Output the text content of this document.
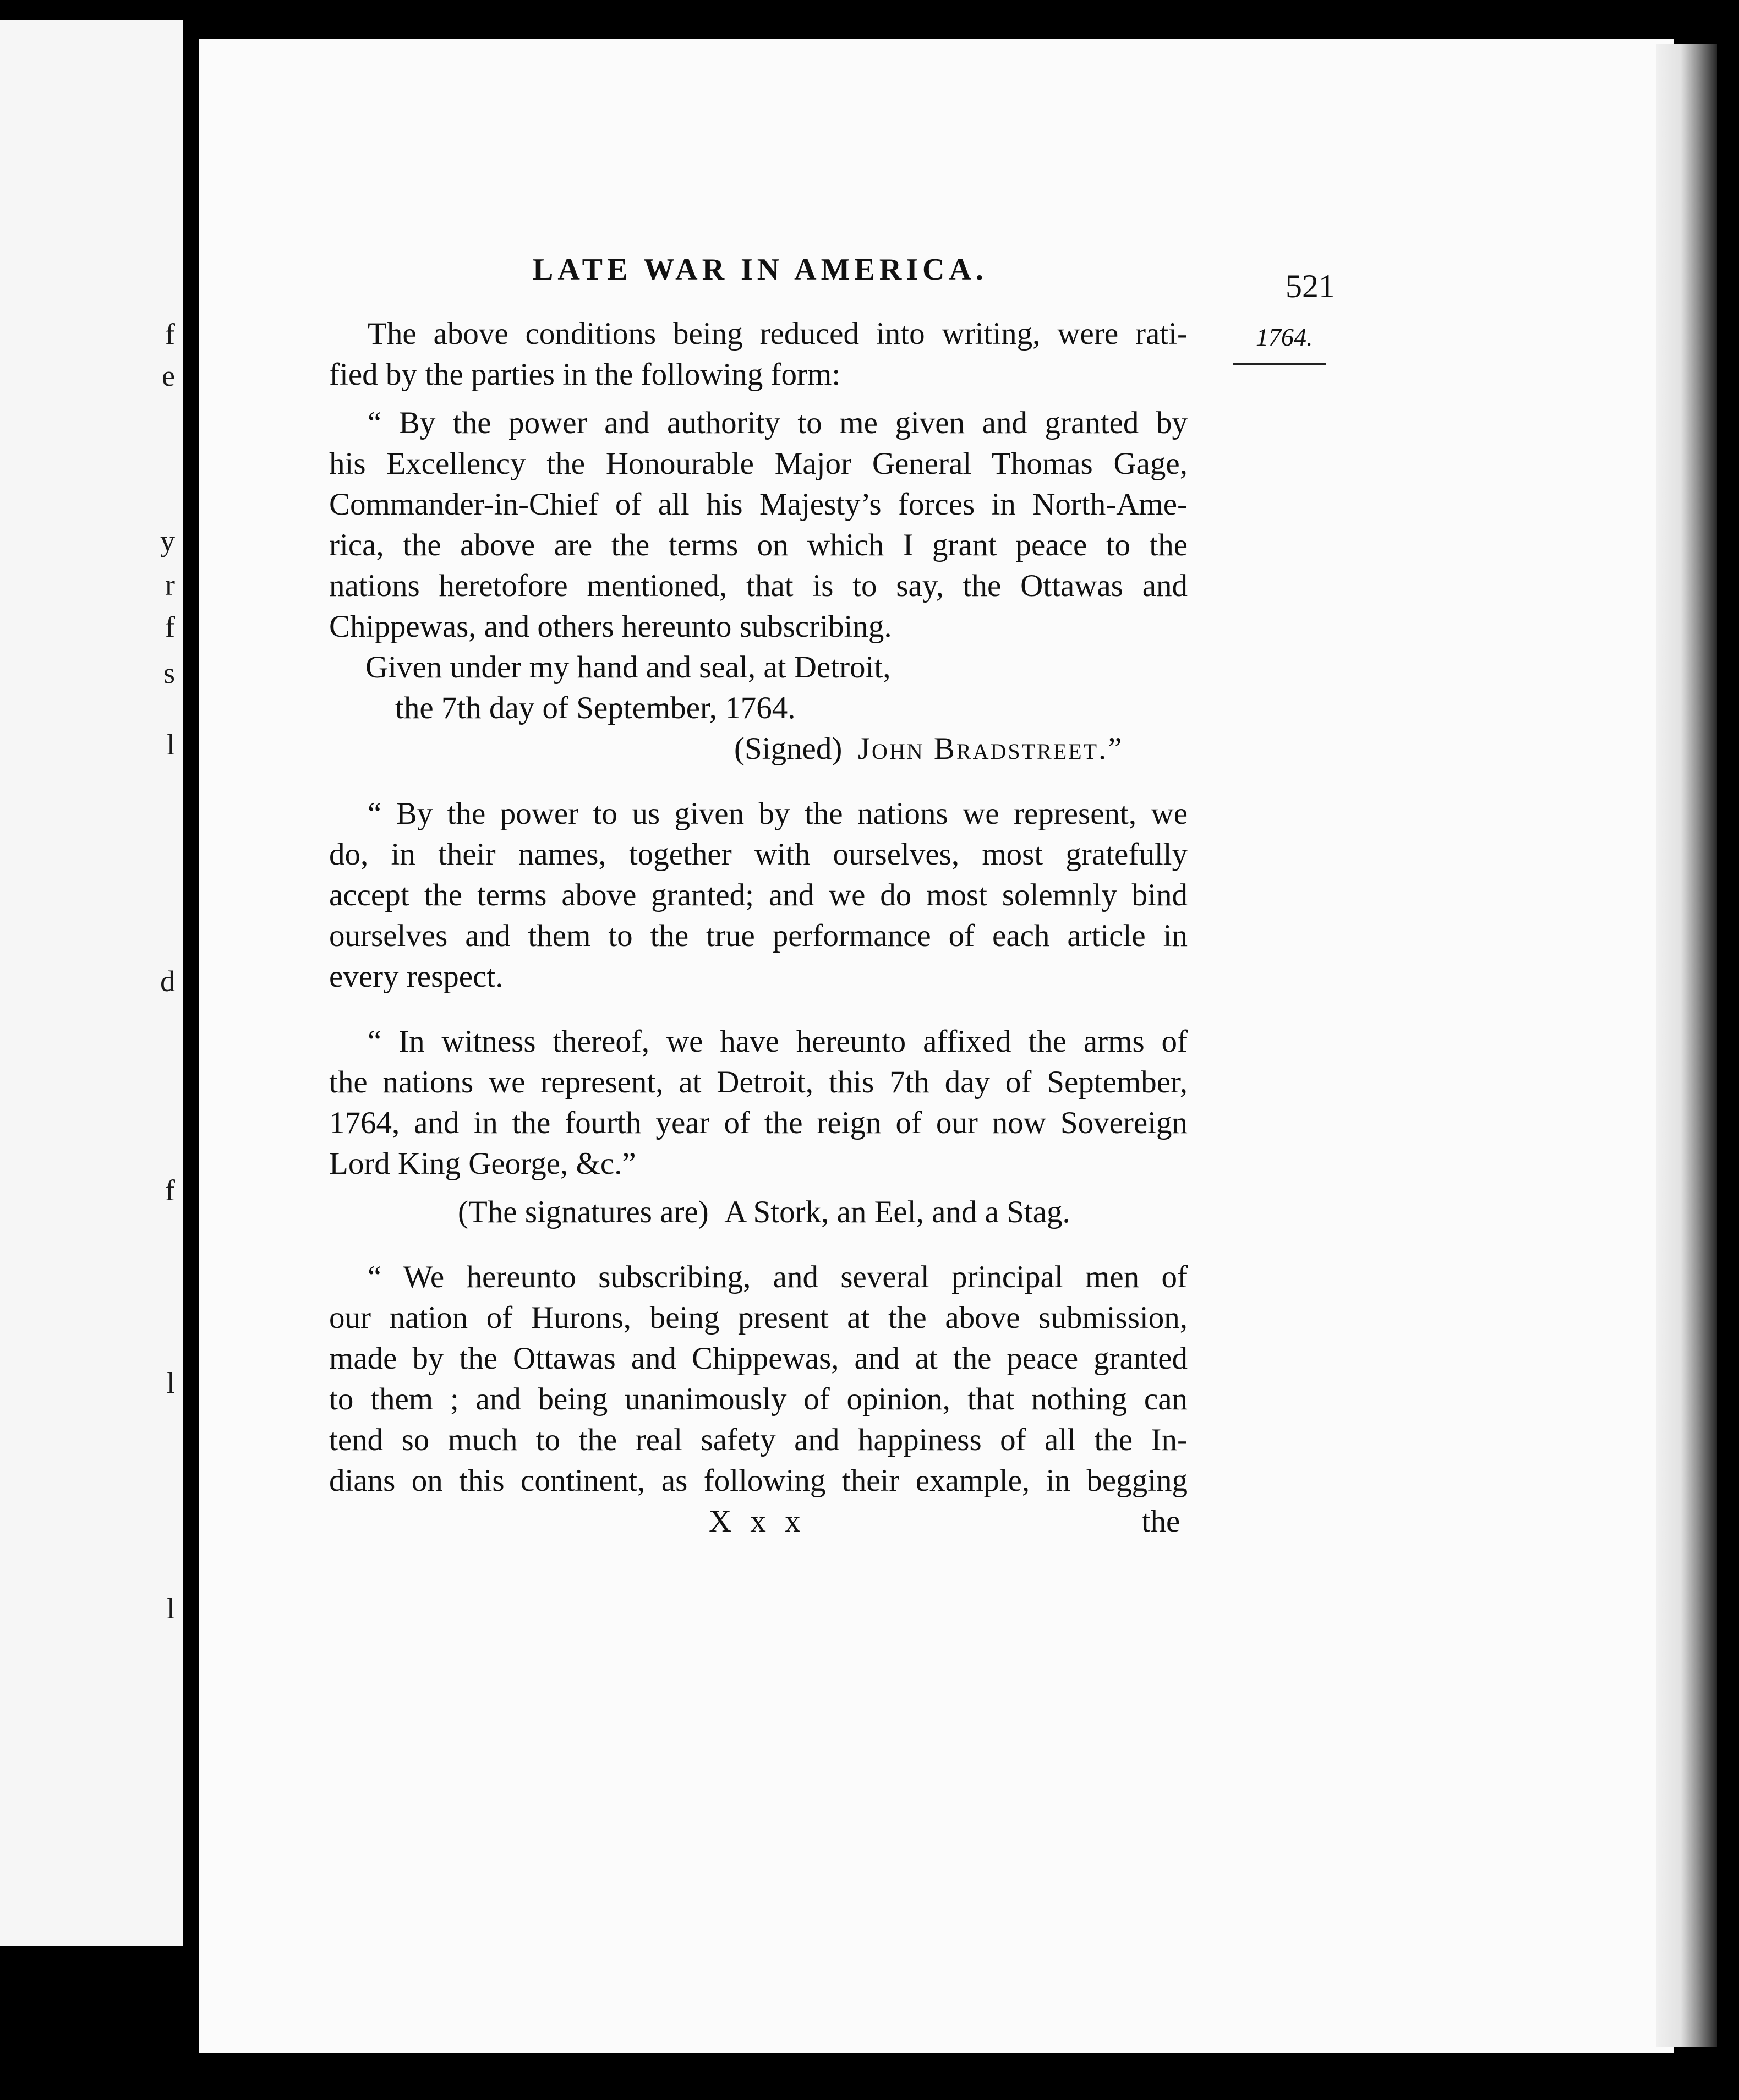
f
e
y
r
f
s
l
d
f
l
l
LATE WAR IN AMERICA.	521
1764.
The above conditions being reduced into writing, were rati-
fied by the parties in the following form:
“ By the power and authority to me given and granted by
his Excellency the Honourable Major General Thomas Gage,
Commander-in-Chief of all his Majesty’s forces in North-Ame-
rica, the above are the terms on which I grant peace to the
nations heretofore mentioned, that is to say, the Ottawas and
Chippewas, and others hereunto subscribing.
Given under my hand and seal, at Detroit,
the 7th day of September, 1764.
(Signed) John Bradstreet.”
“ By the power to us given by the nations we represent, we
do, in their names, together with ourselves, most gratefully
accept the terms above granted; and we do most solemnly bind
ourselves and them to the true performance of each article in
every respect.
“ In witness thereof, we have hereunto affixed the arms of
the nations we represent, at Detroit, this 7th day of September,
1764, and in the fourth year of the reign of our now Sovereign
Lord King George, &c.”
(The signatures are) A Stork, an Eel, and a Stag.
“ We hereunto subscribing, and several principal men of
our nation of Hurons, being present at the above submission,
made by the Ottawas and Chippewas, and at the peace granted
to them ; and being unanimously of opinion, that nothing can
tend so much to the real safety and happiness of all the In-
dians on this continent, as following their example, in begging
X x x	the
